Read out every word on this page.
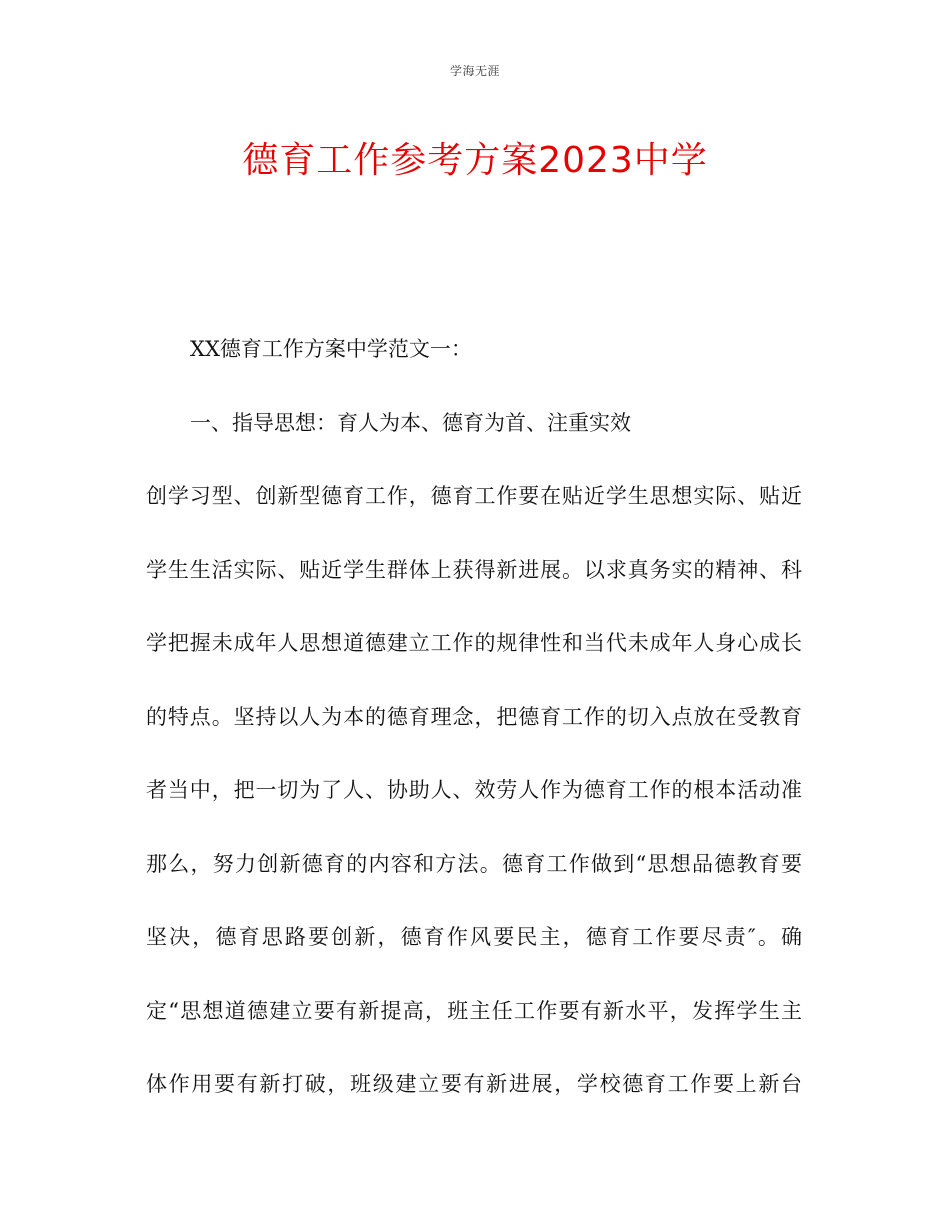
学海无涯
德育工作参考方案2023中学
XX德育工作方案中学范文一：
一、指导思想：育人为本、德育为首、注重实效
创学习型、创新型德育工作，德育工作要在贴近学生思想实际、贴近
学生生活实际、贴近学生群体上获得新进展。以求真务实的精神、科
学把握未成年人思想道德建立工作的规律性和当代未成年人身心成长
的特点。坚持以人为本的德育理念，把德育工作的切入点放在受教育
者当中，把一切为了人、协助人、效劳人作为德育工作的根本活动准
那么，努力创新德育的内容和方法。德育工作做到“思想品德教育要
坚决，德育思路要创新，德育作风要民主，德育工作要尽责″。确
定“思想道德建立要有新提高，班主任工作要有新水平，发挥学生主
体作用要有新打破，班级建立要有新进展，学校德育工作要上新台
